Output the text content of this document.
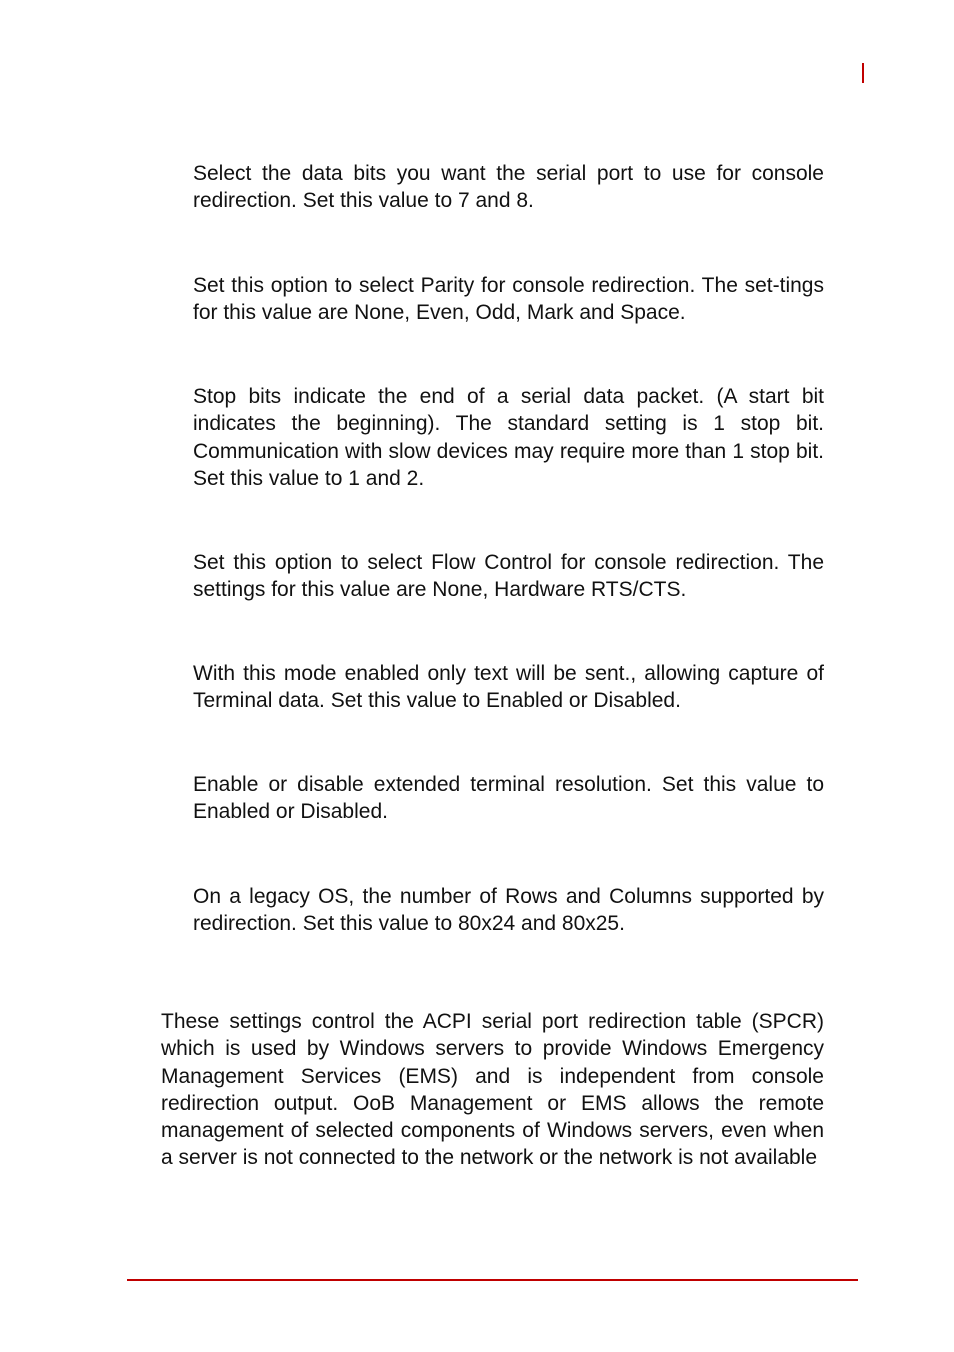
Select the data bits you want the serial port to use for console redirection. Set this value to 7 and 8.

Set this option to select Parity for console redirection. The set-tings for this value are None, Even, Odd, Mark and Space.

Stop bits indicate the end of a serial data packet. (A start bit indicates the beginning). The standard setting is 1 stop bit. Communication with slow devices may require more than 1 stop bit. Set this value to 1 and 2.

Set this option to select Flow Control for console redirection. The settings for this value are None, Hardware RTS/CTS.

With this mode enabled only text will be sent., allowing capture of Terminal data. Set this value to Enabled or Disabled.

Enable or disable extended terminal resolution. Set this value to Enabled or Disabled.

On a legacy OS, the number of Rows and Columns supported by redirection. Set this value to 80x24 and 80x25.

These settings control the ACPI serial port redirection table (SPCR) which is used by Windows servers to provide Windows Emergency Management Services (EMS) and is independent from console redirection output. OoB Management or EMS allows the remote management of selected components of Windows servers, even when a server is not connected to the network or the network is not available
